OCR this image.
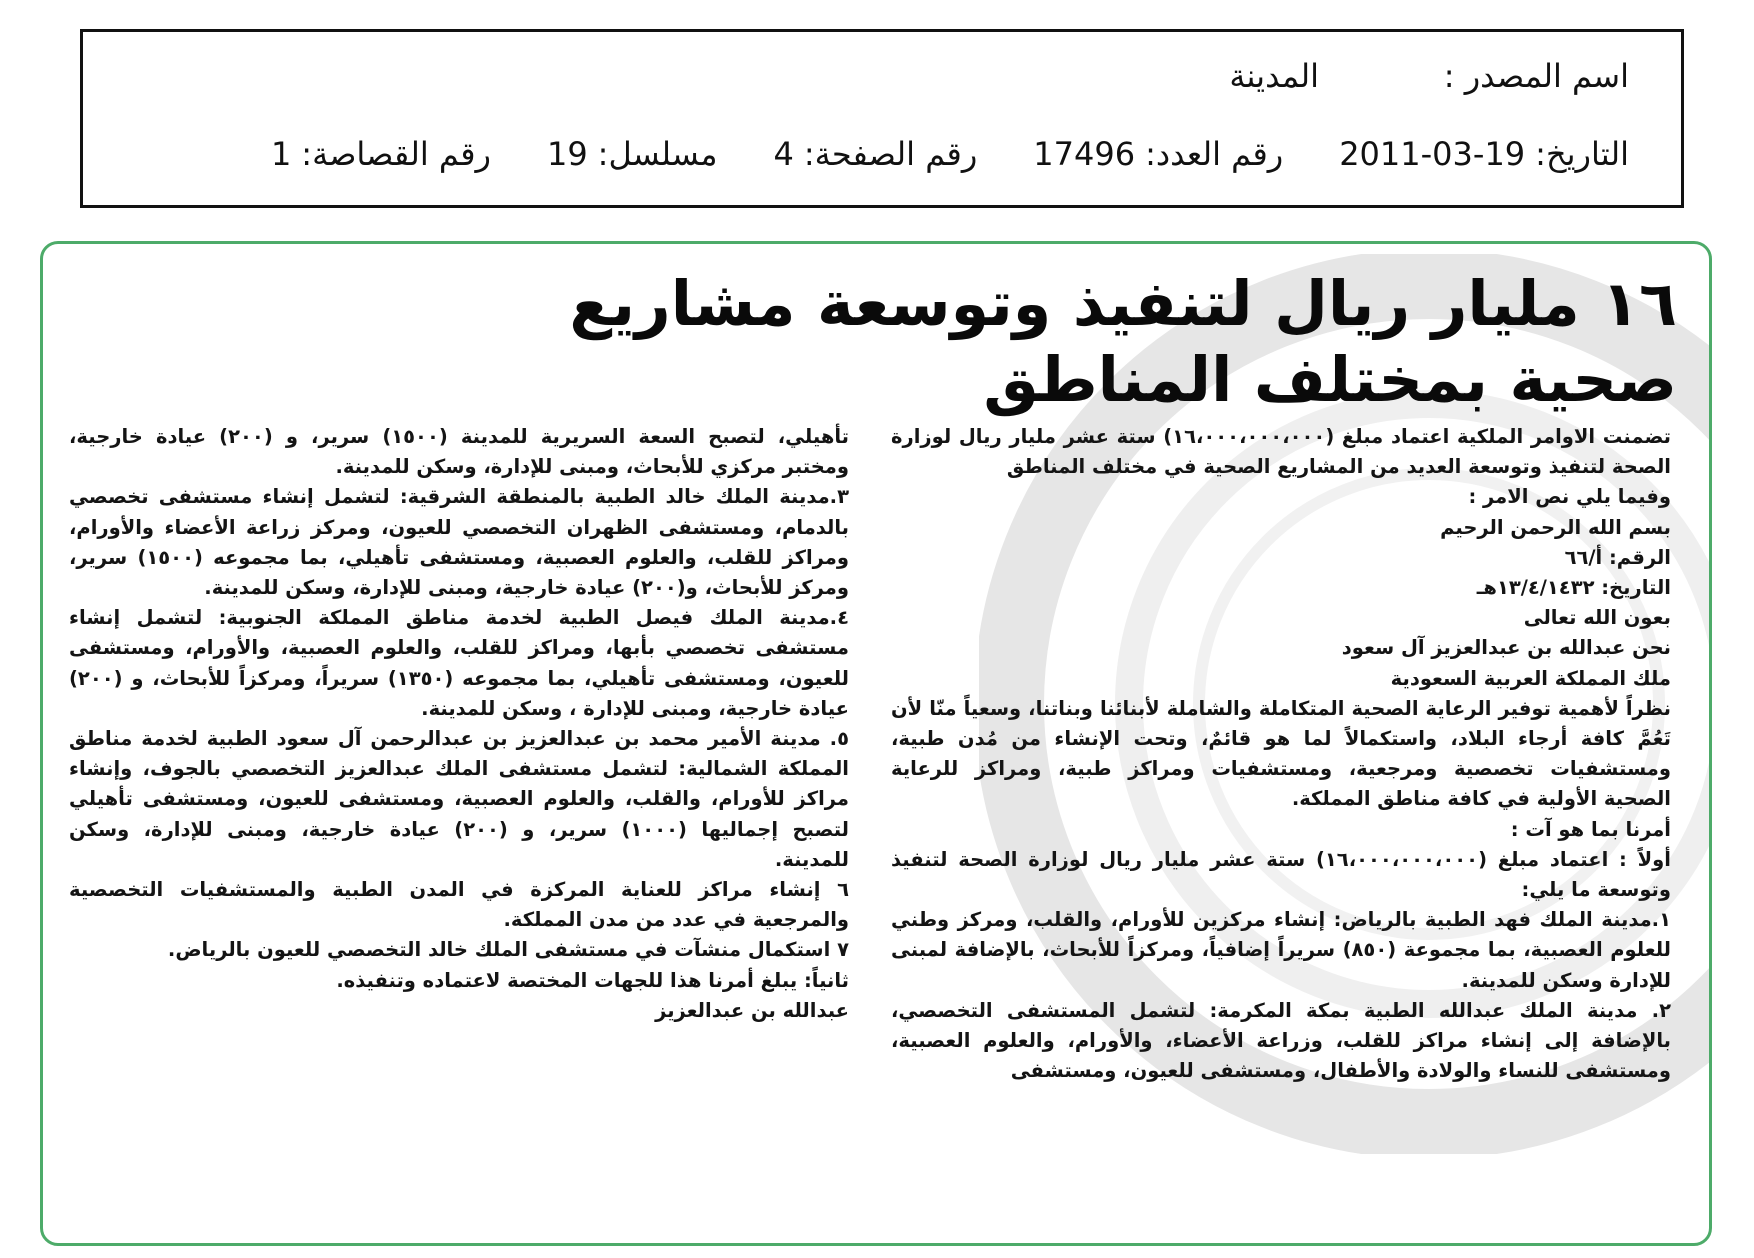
اسم المصدر :
المدينة
التاريخ:
2011-03-19
رقم العدد:
17496
رقم الصفحة:
4
مسلسل:
19
رقم القصاصة:
1
١٦ مليار ريال لتنفيذ وتوسعة مشاريع
صحية بمختلف المناطق

تضمنت الاوامر الملكية اعتماد مبلغ (١٦،٠٠٠،٠٠٠،٠٠٠) ستة عشر مليار ريال لوزارة الصحة لتنفيذ وتوسعة العديد من المشاريع الصحية في مختلف المناطق

وفيما يلي نص الامر :

بسم الله الرحمن الرحيم

الرقم: أ/٦٦

التاريخ: ١٣/٤/١٤٣٢هـ

بعون الله تعالى

نحن عبدالله بن عبدالعزيز آل سعود

ملك المملكة العربية السعودية

نظراً لأهمية توفير الرعاية الصحية المتكاملة والشاملة لأبنائنا وبناتنا، وسعياً منّا لأن تَعُمَّ كافة أرجاء البلاد، واستكمالاً لما هو قائمٌ، وتحت الإنشاء من مُدن طبية، ومستشفيات تخصصية ومرجعية، ومستشفيات ومراكز طبية، ومراكز للرعاية الصحية الأولية في كافة مناطق المملكة.

أمرنا بما هو آت :

أولاً : اعتماد مبلغ (١٦،٠٠٠،٠٠٠،٠٠٠) ستة عشر مليار ريال لوزارة الصحة لتنفيذ وتوسعة ما يلي:

١.مدينة الملك فهد الطبية بالرياض: إنشاء مركزين للأورام، والقلب، ومركز وطني للعلوم العصبية، بما مجموعة (٨٥٠) سريراً إضافياً، ومركزاً للأبحاث، بالإضافة لمبنى للإدارة وسكن للمدينة.

٢. مدينة الملك عبدالله الطبية بمكة المكرمة: لتشمل المستشفى التخصصي، بالإضافة إلى إنشاء مراكز للقلب، وزراعة الأعضاء، والأورام، والعلوم العصبية، ومستشفى للنساء والولادة والأطفال، ومستشفى للعيون، ومستشفى

تأهيلي، لتصبح السعة السريرية للمدينة (١٥٠٠) سرير، و (٢٠٠) عيادة خارجية، ومختبر مركزي للأبحاث، ومبنى للإدارة، وسكن للمدينة.

٣.مدينة الملك خالد الطبية بالمنطقة الشرقية: لتشمل إنشاء مستشفى تخصصي بالدمام، ومستشفى الظهران التخصصي للعيون، ومركز زراعة الأعضاء والأورام، ومراكز للقلب، والعلوم العصبية، ومستشفى تأهيلي، بما مجموعه (١٥٠٠) سرير، ومركز للأبحاث، و(٢٠٠) عيادة خارجية، ومبنى للإدارة، وسكن للمدينة.

٤.مدينة الملك فيصل الطبية لخدمة مناطق المملكة الجنوبية: لتشمل إنشاء مستشفى تخصصي بأبها، ومراكز للقلب، والعلوم العصبية، والأورام، ومستشفى للعيون، ومستشفى تأهيلي، بما مجموعه (١٣٥٠) سريراً، ومركزاً للأبحاث، و (٢٠٠) عيادة خارجية، ومبنى للإدارة ، وسكن للمدينة.

٥. مدينة الأمير محمد بن عبدالعزيز بن عبدالرحمن آل سعود الطبية لخدمة مناطق المملكة الشمالية: لتشمل مستشفى الملك عبدالعزيز التخصصي بالجوف، وإنشاء مراكز للأورام، والقلب، والعلوم العصبية، ومستشفى للعيون، ومستشفى تأهيلي لتصبح إجماليها (١٠٠٠) سرير، و (٢٠٠) عيادة خارجية، ومبنى للإدارة، وسكن للمدينة.

٦ إنشاء مراكز للعناية المركزة في المدن الطبية والمستشفيات التخصصية والمرجعية في عدد من مدن المملكة.

٧ استكمال منشآت في مستشفى الملك خالد التخصصي للعيون بالرياض.

ثانياً: يبلغ أمرنا هذا للجهات المختصة لاعتماده وتنفيذه.

عبدالله بن عبدالعزيز
